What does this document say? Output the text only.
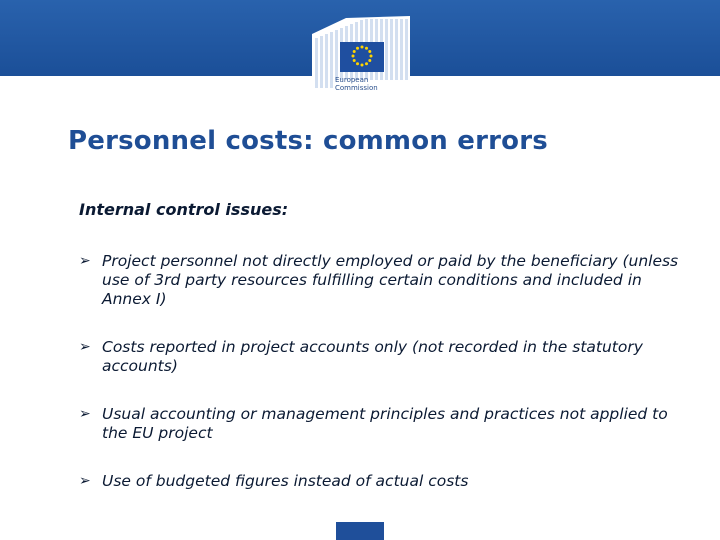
European
Commission
Personnel costs: common errors
Internal control issues:
➢ Project personnel not directly employed or paid by the beneficiary (unless use of 3rd party resources fulfilling certain conditions and included in Annex I)
➢ Costs reported in project accounts only (not recorded in the statutory accounts)
➢ Usual accounting or management principles and practices not applied to the EU project
➢ Use of budgeted figures instead of actual costs
